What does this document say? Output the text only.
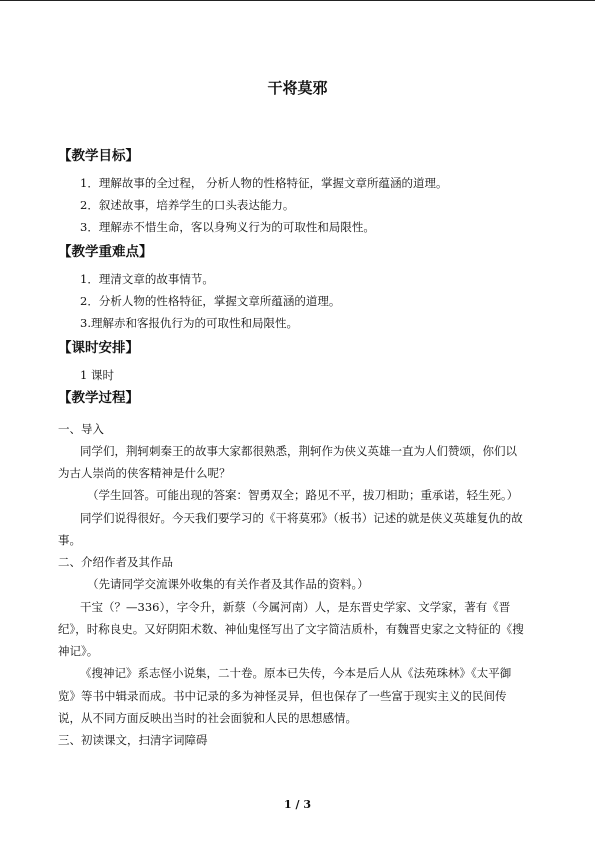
干将莫邪
【教学目标】
1．理解故事的全过程， 分析人物的性格特征，掌握文章所蕴涵的道理。
2．叙述故事，培养学生的口头表达能力。
3．理解赤不惜生命，客以身殉义行为的可取性和局限性。
【教学重难点】
1．理清文章的故事情节。
2．分析人物的性格特征，掌握文章所蕴涵的道理。
3.理解赤和客报仇行为的可取性和局限性。
【课时安排】
1 课时
【教学过程】
一、导入
同学们，荆轲刺秦王的故事大家都很熟悉，荆轲作为侠义英雄一直为人们赞颂，你们以
为古人崇尚的侠客精神是什么呢？
（学生回答。可能出现的答案：智勇双全；路见不平，拔刀相助；重承诺，轻生死。）
同学们说得很好。今天我们要学习的《干将莫邪》（板书）记述的就是侠义英雄复仇的故
事。
二、介绍作者及其作品
（先请同学交流课外收集的有关作者及其作品的资料。）
干宝（？—336），字令升，新蔡（今属河南）人，是东晋史学家、文学家，著有《晋
纪》，时称良史。又好阴阳术数、神仙鬼怪写出了文字简洁质朴，有魏晋史家之文特征的《搜
神记》。
《搜神记》系志怪小说集，二十卷。原本已失传，今本是后人从《法苑珠林》《太平御
览》等书中辑录而成。书中记录的多为神怪灵异，但也保存了一些富于现实主义的民间传
说，从不同方面反映出当时的社会面貌和人民的思想感情。
三、初读课文，扫清字词障碍
1 / 3
